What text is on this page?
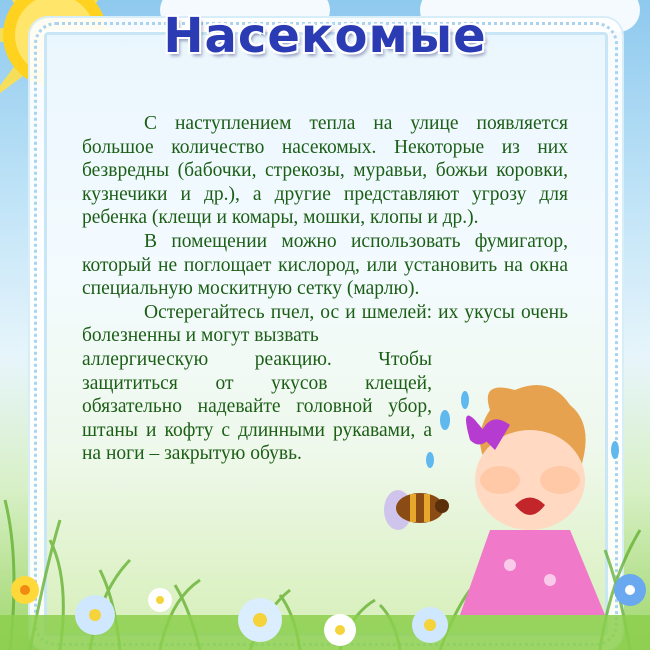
Насекомые

С наступлением тепла на улице появляется большое количество насекомых. Некоторые из них безвредны (бабочки, стрекозы, муравьи, божьи коровки, кузнечики и др.), а другие представляют угрозу для ребенка (клещи и комары, мошки, клопы и др.).

В помещении можно использовать фумигатор, который не поглощает кислород, или установить на окна специальную москитную сетку (марлю).

Остерегайтесь пчел, ос и шмелей: их укусы очень болезненны и могут вызвать

аллергическую реакцию. Чтобы защититься от укусов клещей, обязательно надевайте головной убор, штаны и кофту с длинными рукавами, а на ноги – закрытую обувь.
